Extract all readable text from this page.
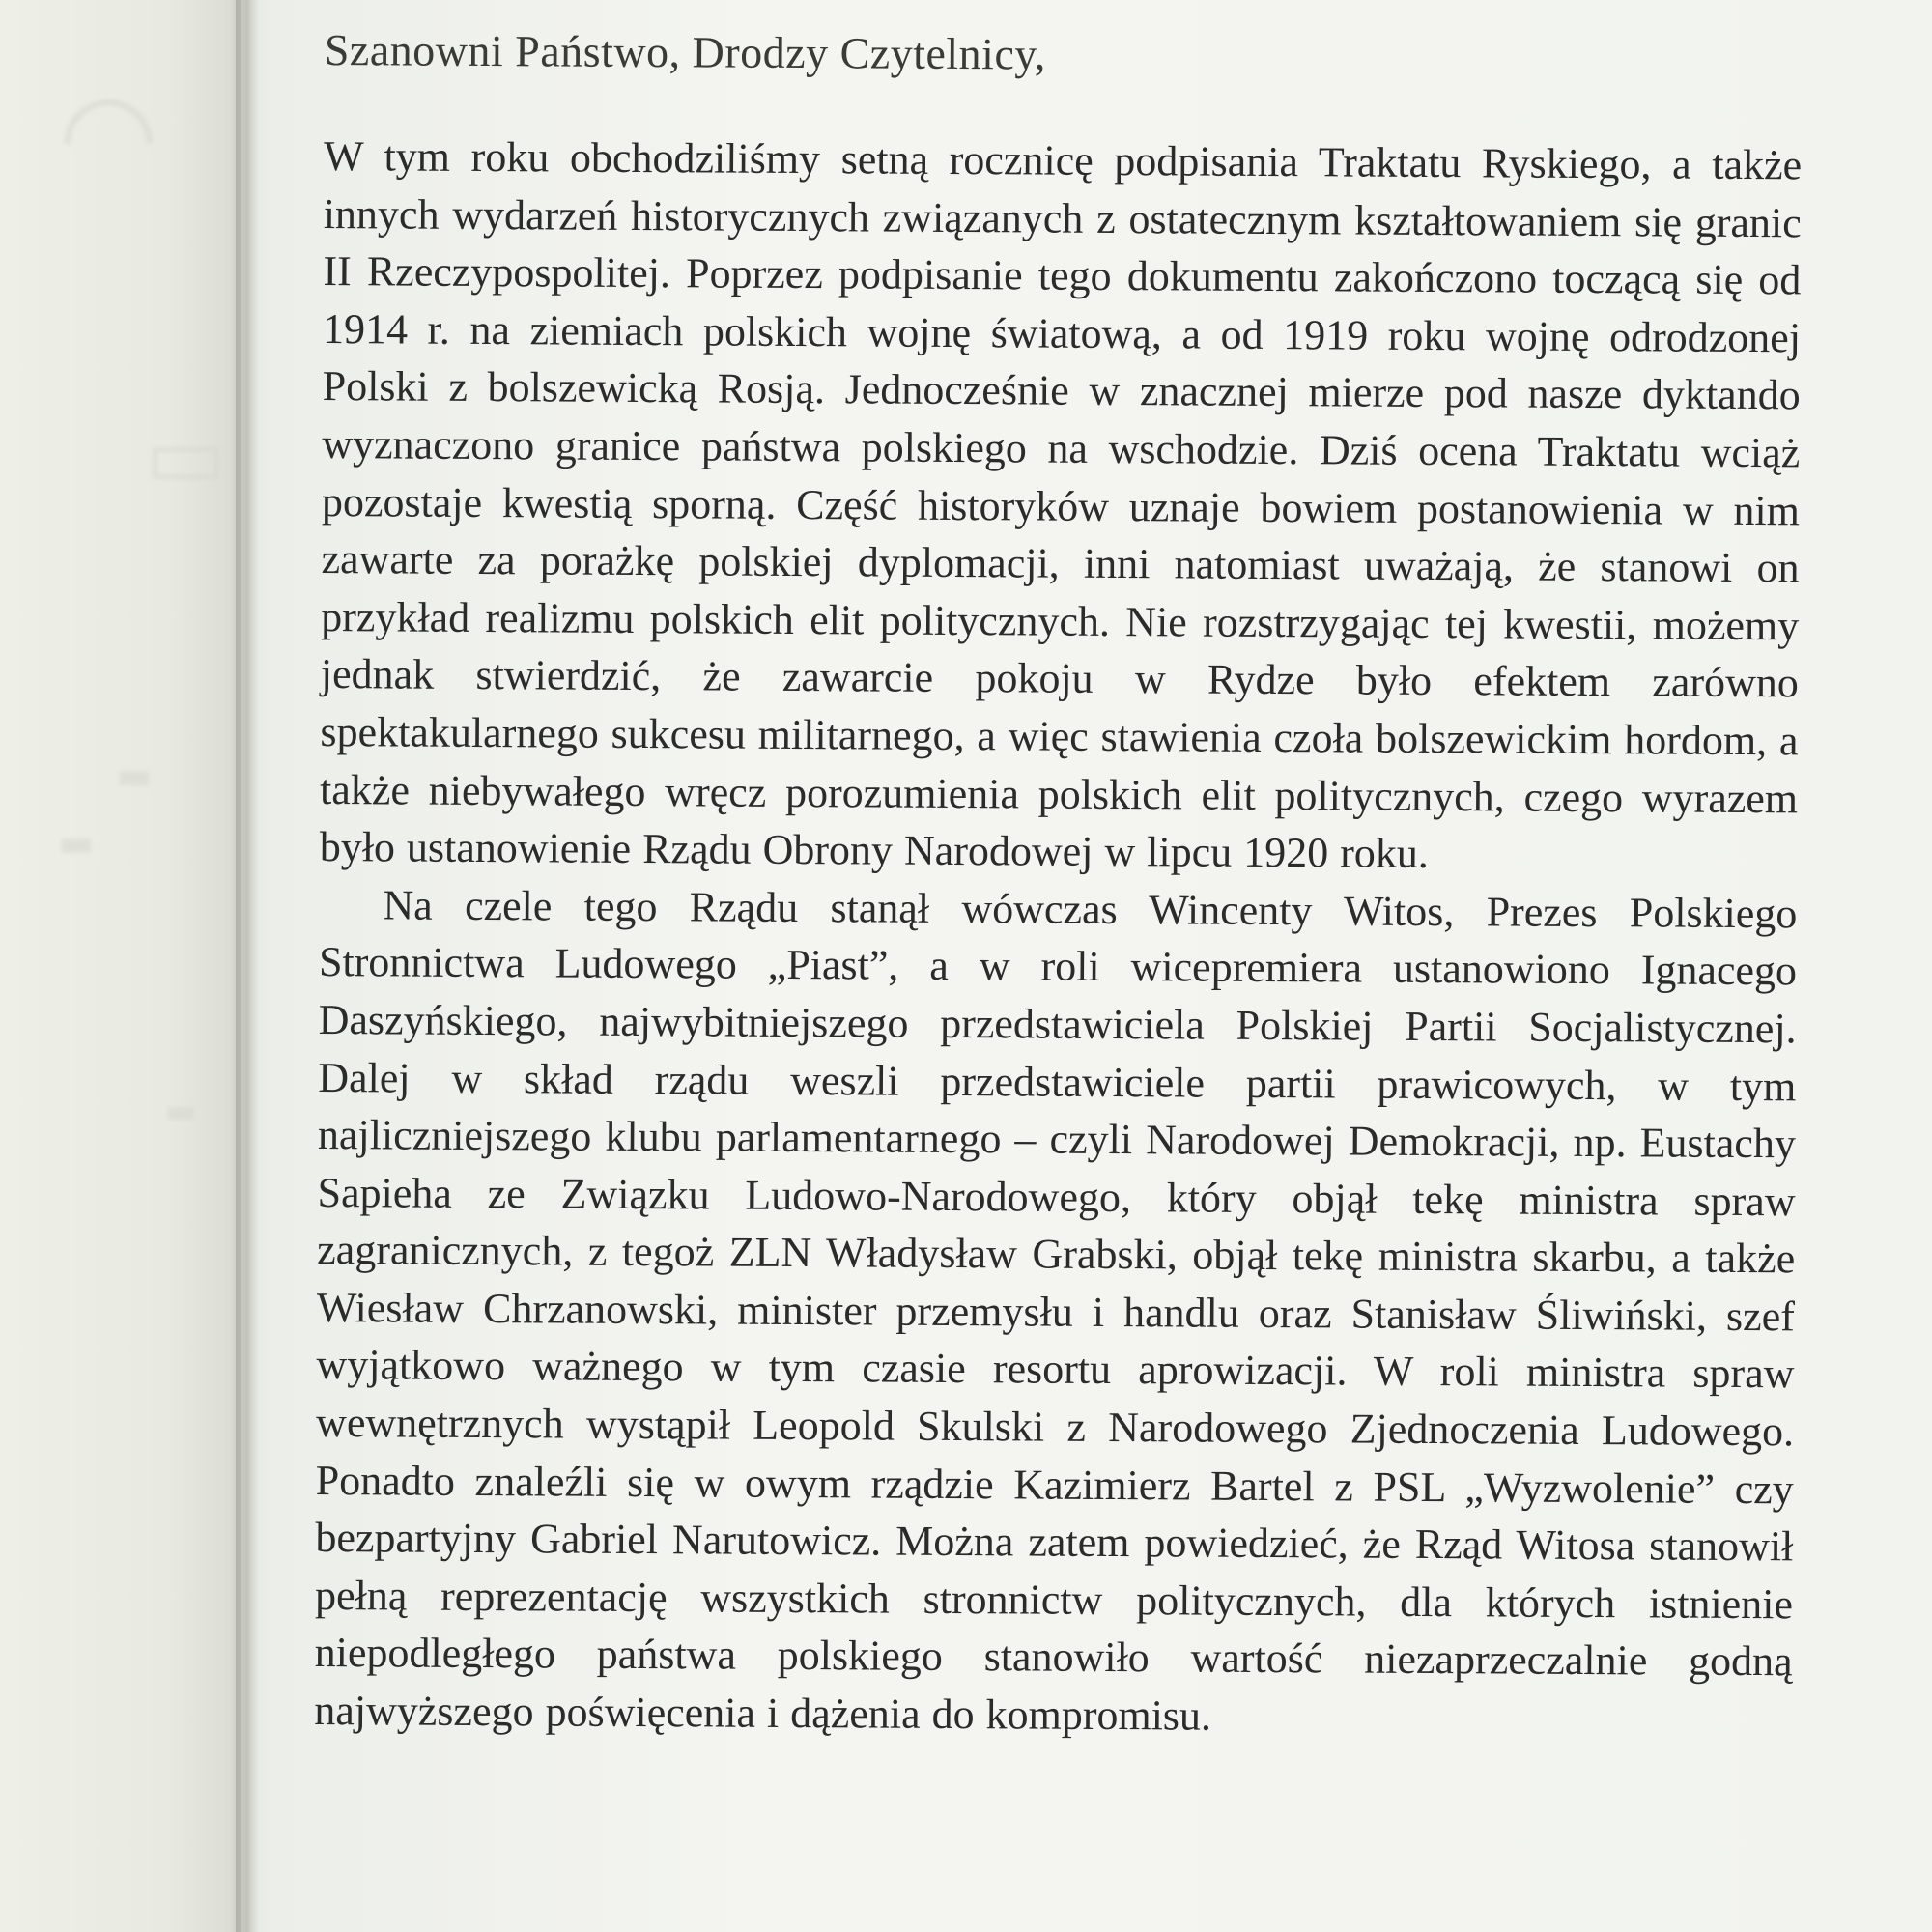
◠
▭
▬
▬
▬

Szanowni Państwo, Drodzy Czytelnicy,

W tym roku obchodziliśmy setną rocznicę podpisania Traktatu Ryskiego, a także innych wydarzeń historycznych związanych z ostatecznym kształtowaniem się granic II Rzeczypospolitej. Poprzez podpisanie tego dokumentu zakończono toczącą się od 1914 r. na ziemiach polskich wojnę światową, a od 1919 roku wojnę odrodzonej Polski z bolszewicką Rosją. Jednocześnie w znacznej mierze pod nasze dyktando wyznaczono granice państwa polskiego na wschodzie. Dziś ocena Traktatu wciąż pozostaje kwestią sporną. Część historyków uznaje bowiem postanowienia w nim zawarte za porażkę polskiej dyplomacji, inni natomiast uważają, że stanowi on przykład realizmu polskich elit politycznych. Nie rozstrzygając tej kwestii, możemy jednak stwierdzić, że zawarcie pokoju w Rydze było efektem zarówno spektakularnego sukcesu militarnego, a więc stawienia czoła bolszewickim hordom, a także niebywałego wręcz porozumienia polskich elit politycznych, czego wyrazem było ustanowienie Rządu Obrony Narodowej w lipcu 1920 roku.

Na czele tego Rządu stanął wówczas Wincenty Witos, Prezes Polskiego Stronnictwa Ludowego „Piast”, a w roli wicepremiera ustanowiono Ignacego Daszyńskiego, najwybitniejszego przedstawiciela Polskiej Partii Socjalistycznej. Dalej w skład rządu weszli przedstawiciele partii prawicowych, w tym najliczniejszego klubu parlamentarnego – czyli Narodowej Demokracji, np. Eustachy Sapieha ze Związku Ludowo-Narodowego, który objął tekę ministra spraw zagranicznych, z tegoż ZLN Władysław Grabski, objął tekę ministra skarbu, a także Wiesław Chrzanowski, minister przemysłu i handlu oraz Stanisław Śliwiński, szef wyjątkowo ważnego w tym czasie resortu aprowizacji. W roli ministra spraw wewnętrznych wystąpił Leopold Skulski z Narodowego Zjednoczenia Ludowego. Ponadto znaleźli się w owym rządzie Kazimierz Bartel z PSL „Wyzwolenie” czy bezpartyjny Gabriel Narutowicz. Można zatem powiedzieć, że Rząd Witosa stanowił pełną reprezentację wszystkich stronnictw politycznych, dla których istnienie niepodległego państwa polskiego stanowiło wartość niezaprzeczalnie godną najwyższego poświęcenia i dążenia do kompromisu.
